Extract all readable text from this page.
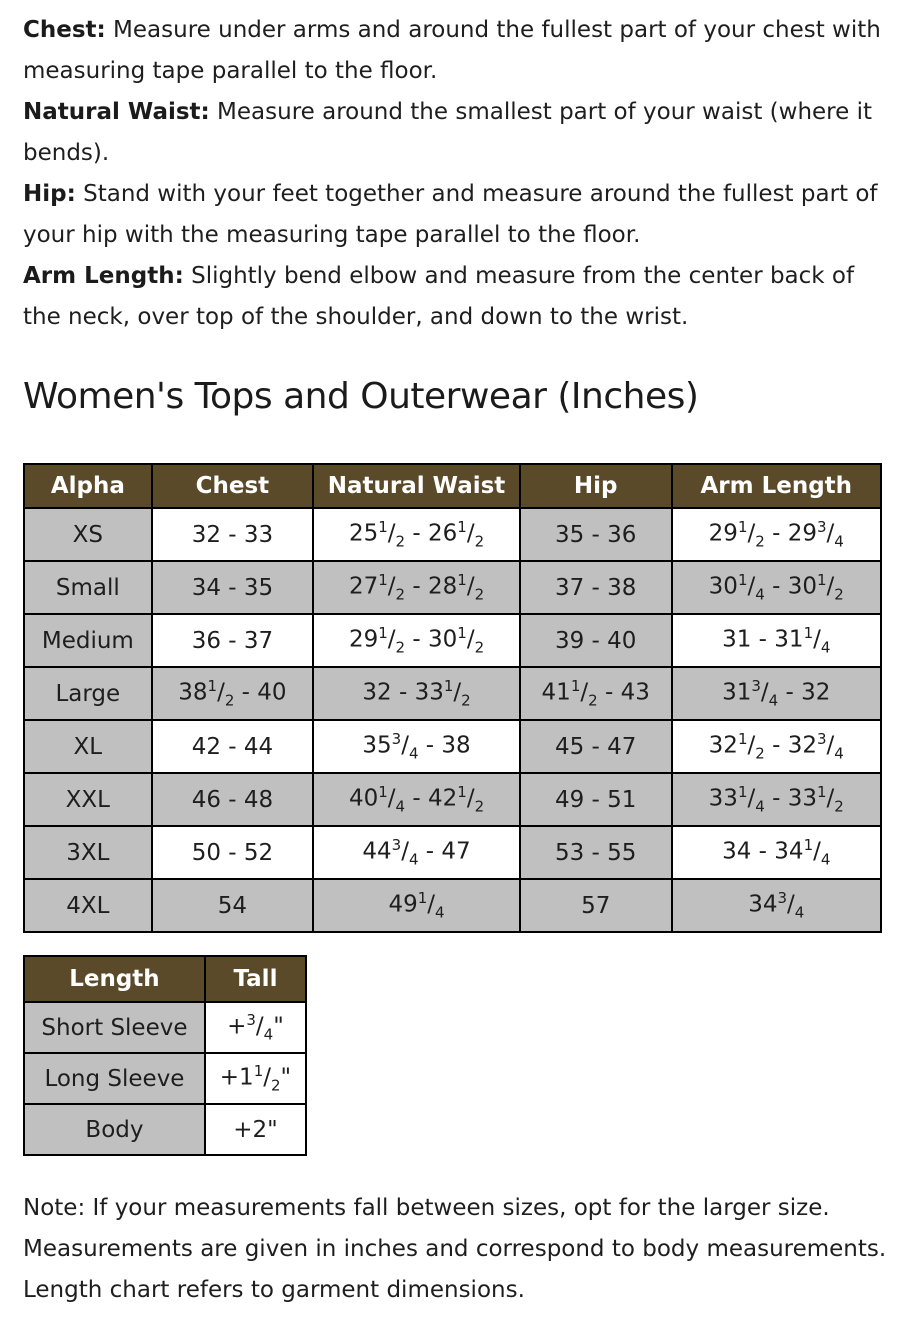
Chest: Measure under arms and around the fullest part of your chest with measuring tape parallel to the floor.

Natural Waist: Measure around the smallest part of your waist (where it bends).

Hip: Stand with your feet together and measure around the fullest part of your hip with the measuring tape parallel to the floor.

Arm Length: Slightly bend elbow and measure from the center back of the neck, over top of the shoulder, and down to the wrist.

Women's Tops and Outerwear (Inches)
Alpha	Chest	Natural Waist	Hip	Arm Length
XS	32 - 33	$25^1/_2 - 26^1/_2$	35 - 36	$29^1/_2 - 29^3/_4$
Small	34 - 35	$27^1/_2 - 28^1/_2$	37 - 38	$30^1/_4 - 30^1/_2$
Medium	36 - 37	$29^1/_2 - 30^1/_2$	39 - 40	$31 - 31^1/_4$
Large	$38^1/_2 - 40$	$32 - 33^1/_2$	$41^1/_2 - 43$	$31^3/_4 - 32$
XL	42 - 44	$35^3/_4 - 38$	45 - 47	$32^1/_2 - 32^3/_4$
XXL	46 - 48	$40^1/_4 - 42^1/_2$	49 - 51	$33^1/_4 - 33^1/_2$
3XL	50 - 52	$44^3/_4 - 47$	53 - 55	$34 - 34^1/_4$
4XL	54	$49^1/_4$	57	$34^3/_4$
Length	Tall
Short Sleeve	$+^3/_4$"
Long Sleeve	$+1^1/_2$"
Body	+2"
Note: If your measurements fall between sizes, opt for the larger size.
Measurements are given in inches and correspond to body measurements.
Length chart refers to garment dimensions.
